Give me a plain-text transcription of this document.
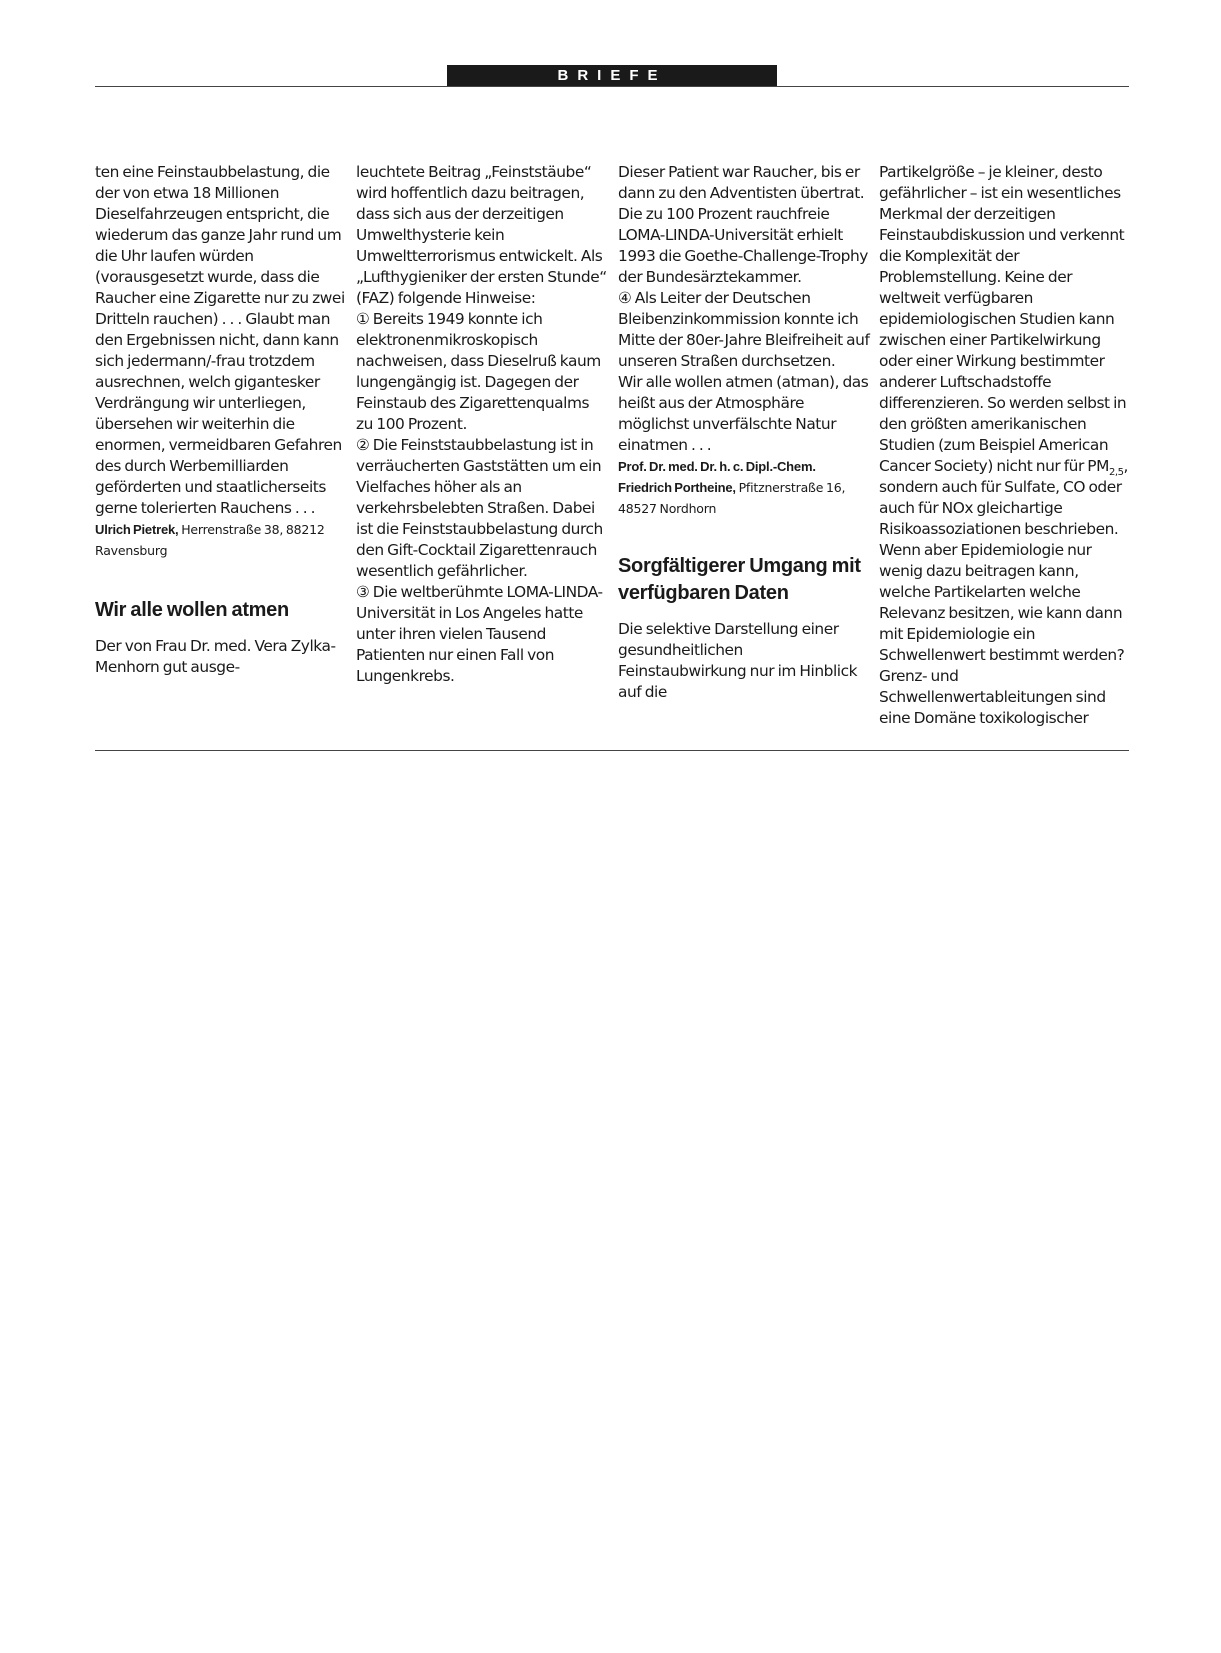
BRIEFE

ten eine Feinstaubbelastung, die der von etwa 18 Millionen Dieselfahrzeugen entspricht, die wiederum das ganze Jahr rund um die Uhr laufen würden (vorausgesetzt wurde, dass die Raucher eine Zigarette nur zu zwei Dritteln rauchen) . . . Glaubt man den Ergebnissen nicht, dann kann sich jedermann/-frau trotzdem ausrechnen, welch gigantesker Verdrängung wir unterliegen, übersehen wir weiterhin die enormen, vermeidbaren Gefahren des durch Werbemilliarden geförderten und staatlicherseits gerne tolerierten Rauchens . . .

Ulrich Pietrek, Herrenstraße 38, 88212 Ravensburg

Wir alle wollen atmen

Der von Frau Dr. med. Vera Zylka-Menhorn gut ausge-

leuchtete Beitrag „Feinststäube“ wird hoffentlich dazu beitragen, dass sich aus der derzeitigen Umwelthysterie kein Umweltterrorismus entwickelt. Als „Lufthygieniker der ersten Stunde“ (FAZ) folgende Hinweise:

① Bereits 1949 konnte ich elektronenmikroskopisch nachweisen, dass Dieselruß kaum lungengängig ist. Dagegen der Feinstaub des Zigarettenqualms zu 100 Prozent.

② Die Feinststaubbelastung ist in verräucherten Gaststätten um ein Vielfaches höher als an verkehrsbelebten Straßen. Dabei ist die Feinststaubbelastung durch den Gift-Cocktail Zigarettenrauch wesentlich gefährlicher.

③ Die weltberühmte LOMA-LINDA-Universität in Los Angeles hatte unter ihren vielen Tausend Patienten nur einen Fall von Lungenkrebs.

Dieser Patient war Raucher, bis er dann zu den Adventisten übertrat. Die zu 100 Prozent rauchfreie LOMA-LINDA-Universität erhielt 1993 die Goethe-Challenge-Trophy der Bundesärztekammer.

④ Als Leiter der Deutschen Bleibenzinkommission konnte ich Mitte der 80er-Jahre Bleifreiheit auf unseren Straßen durchsetzen.

Wir alle wollen atmen (atman), das heißt aus der Atmosphäre möglichst unverfälschte Natur einatmen . . .

Prof. Dr. med. Dr. h. c. Dipl.-Chem. Friedrich Portheine, Pfitznerstraße 16, 48527 Nordhorn

Sorgfältigerer Umgang mit verfügbaren Daten

Die selektive Darstellung einer gesundheitlichen Feinstaubwirkung nur im Hinblick auf die

Partikelgröße – je kleiner, desto gefährlicher – ist ein wesentliches Merkmal der derzeitigen Feinstaubdiskussion und verkennt die Komplexität der Problemstellung. Keine der weltweit verfügbaren epidemiologischen Studien kann zwischen einer Partikelwirkung oder einer Wirkung bestimmter anderer Luftschadstoffe differenzieren. So werden selbst in den größten amerikanischen Studien (zum Beispiel American Cancer Society) nicht nur für $PM_{2,5}$, sondern auch für Sulfate, CO oder auch für NOx gleichartige Risikoassoziationen beschrieben. Wenn aber Epidemiologie nur wenig dazu beitragen kann, welche Partikelarten welche Relevanz besitzen, wie kann dann mit Epidemiologie ein Schwellenwert bestimmt werden? Grenz- und Schwellenwertableitungen sind eine Domäne toxikologischer
